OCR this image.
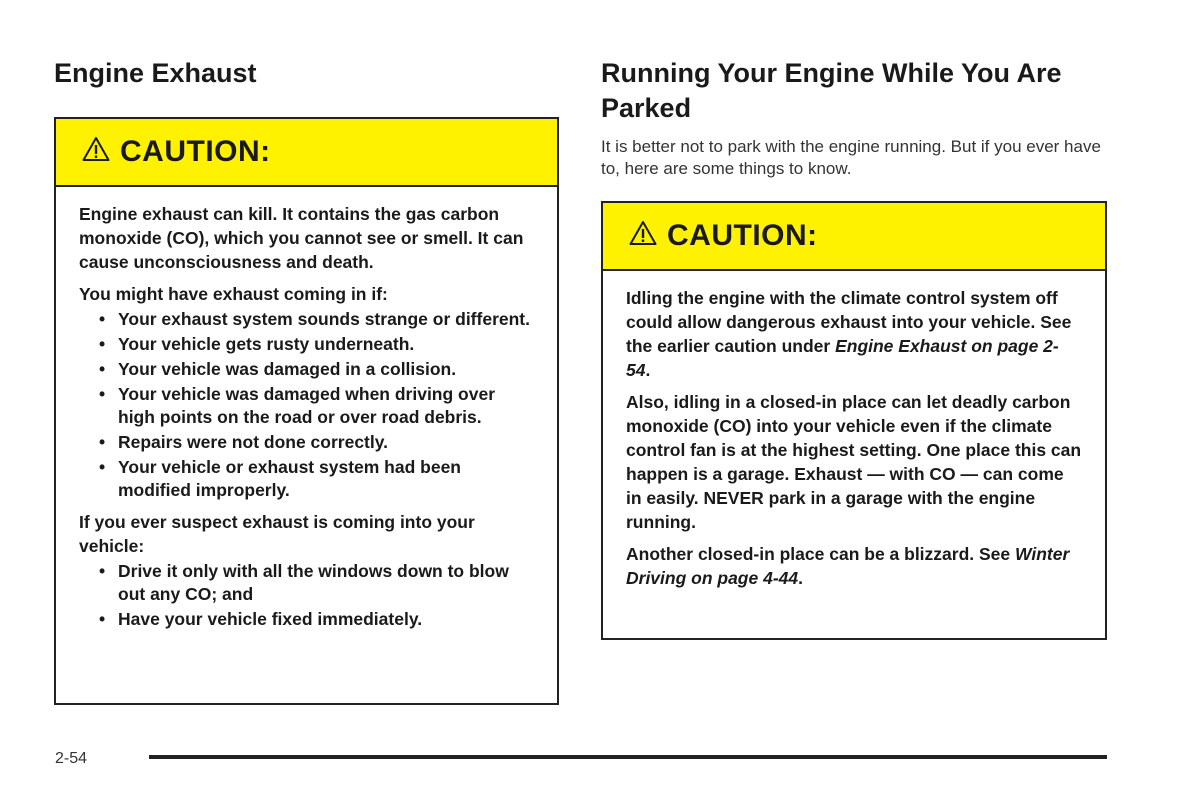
Engine Exhaust
CAUTION:

Engine exhaust can kill. It contains the gas carbon monoxide (CO), which you cannot see or smell. It can cause unconsciousness and death.

You might have exhaust coming in if:

• Your exhaust system sounds strange or different.
• Your vehicle gets rusty underneath.
• Your vehicle was damaged in a collision.
• Your vehicle was damaged when driving over high points on the road or over road debris.
• Repairs were not done correctly.
• Your vehicle or exhaust system had been modified improperly.

If you ever suspect exhaust is coming into your vehicle:

• Drive it only with all the windows down to blow out any CO; and
• Have your vehicle fixed immediately.
Running Your Engine While You Are Parked

It is better not to park with the engine running. But if you ever have to, here are some things to know.

CAUTION:

Idling the engine with the climate control system off could allow dangerous exhaust into your vehicle. See the earlier caution under Engine Exhaust on page 2-54.

Also, idling in a closed-in place can let deadly carbon monoxide (CO) into your vehicle even if the climate control fan is at the highest setting. One place this can happen is a garage. Exhaust — with CO — can come in easily. NEVER park in a garage with the engine running.

Another closed-in place can be a blizzard. See Winter Driving on page 4-44.

2-54
